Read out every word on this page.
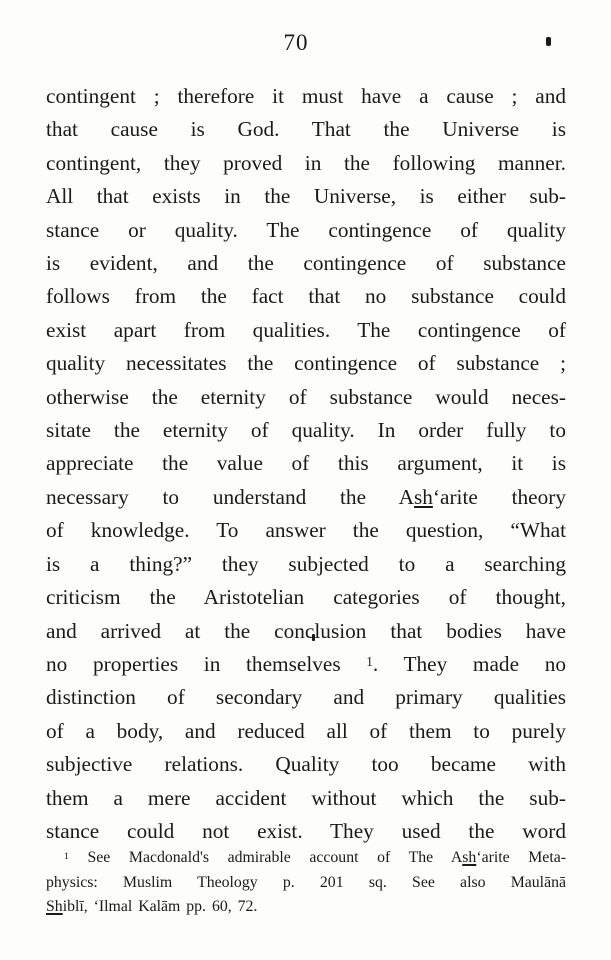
70
contingent ; therefore it must have a cause ; and
that cause is God. That the Universe is
contingent, they proved in the following manner.
All that exists in the Universe, is either sub-
stance or quality. The contingence of quality
is evident, and the contingence of substance
follows from the fact that no substance could
exist apart from qualities. The contingence of
quality necessitates the contingence of substance ;
otherwise the eternity of substance would neces-
sitate the eternity of quality. In order fully to
appreciate the value of this argument, it is
necessary to understand the Ash‘arite theory
of knowledge. To answer the question, “What
is a thing?” they subjected to a searching
criticism the Aristotelian categories of thought,
and arrived at the conclusion that bodies have
no properties in themselves $^1$. They made no
distinction of secondary and primary qualities
of a body, and reduced all of them to purely
subjective relations. Quality too became with
them a mere accident without which the sub-
stance could not exist. They used the word
$^1$ See Macdonald's admirable account of The Ash‘arite Meta-
physics: Muslim Theology p. 201 sq. See also Maulānā
Shiblī, ‘Ilmal Kalām pp. 60, 72.
